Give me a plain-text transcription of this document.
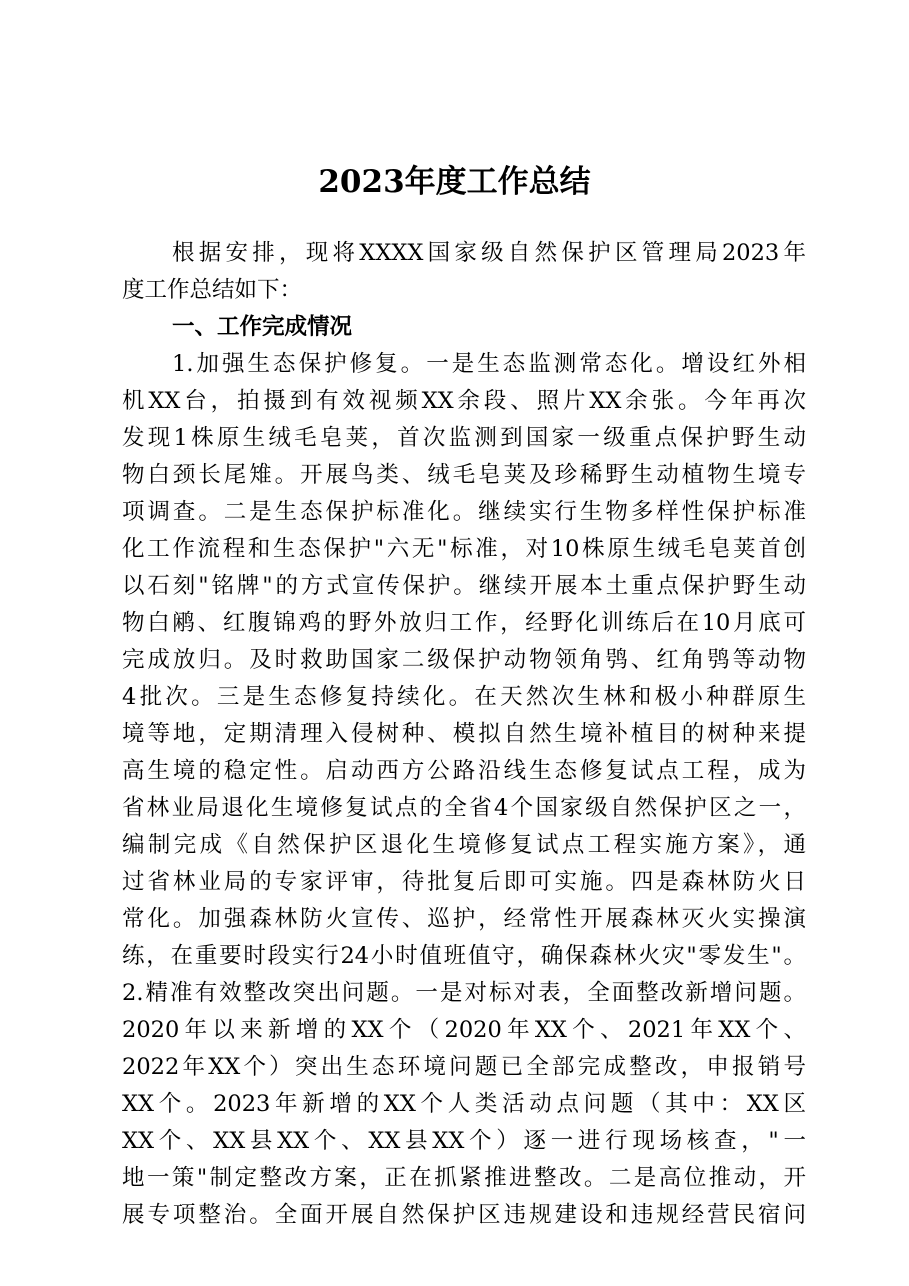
2023年度工作总结
根据安排，现将XXXX国家级自然保护区管理局2023年
度工作总结如下：
一、工作完成情况
1.加强生态保护修复。一是生态监测常态化。增设红外相
机XX台，拍摄到有效视频XX余段、照片XX余张。今年再次
发现1株原生绒毛皂荚，首次监测到国家一级重点保护野生动
物白颈长尾雉。开展鸟类、绒毛皂荚及珍稀野生动植物生境专
项调查。二是生态保护标准化。继续实行生物多样性保护标准
化工作流程和生态保护"六无"标准，对10株原生绒毛皂荚首创
以石刻"铭牌"的方式宣传保护。继续开展本土重点保护野生动
物白鹇、红腹锦鸡的野外放归工作，经野化训练后在10月底可
完成放归。及时救助国家二级保护动物领角鸮、红角鸮等动物
4批次。三是生态修复持续化。在天然次生林和极小种群原生
境等地，定期清理入侵树种、模拟自然生境补植目的树种来提
高生境的稳定性。启动西方公路沿线生态修复试点工程，成为
省林业局退化生境修复试点的全省4个国家级自然保护区之一，
编制完成《自然保护区退化生境修复试点工程实施方案》，通
过省林业局的专家评审，待批复后即可实施。四是森林防火日
常化。加强森林防火宣传、巡护，经常性开展森林灭火实操演
练，在重要时段实行24小时值班值守，确保森林火灾"零发生"。
2.精准有效整改突出问题。一是对标对表，全面整改新增问题。
2020年以来新增的XX个（2020年XX个、2021年XX个、
2022年XX个）突出生态环境问题已全部完成整改，申报销号
XX个。2023年新增的XX个人类活动点问题（其中：XX区
XX个、XX县XX个、XX县XX个）逐一进行现场核查，"一
地一策"制定整改方案，正在抓紧推进整改。二是高位推动，开
展专项整治。全面开展自然保护区违规建设和违规经营民宿问
